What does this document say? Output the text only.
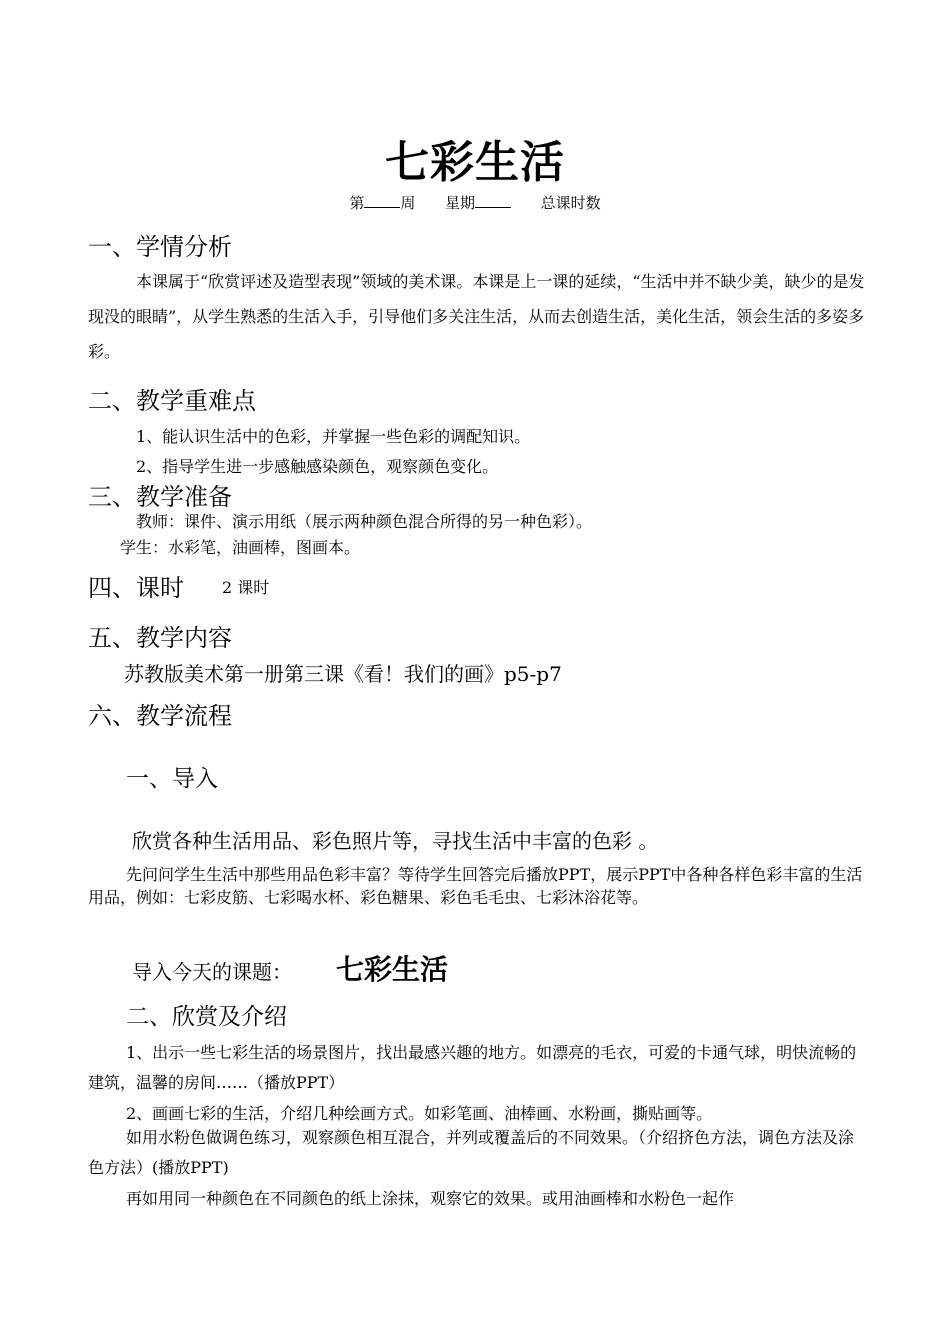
七彩生活
第 周 星期	总课时数
一、学情分析
本课属于“欣赏评述及造型表现”领域的美术课。本课是上一课的延续，“生活中并不缺少美，缺少的是发现没的眼睛”，从学生熟悉的生活入手，引导他们多关注生活，从而去创造生活，美化生活，领会生活的多姿多彩。
二、教学重难点
1、能认识生活中的色彩，并掌握一些色彩的调配知识。
2、指导学生进一步感触感染颜色，观察颜色变化。
三、教学准备
教师：课件、演示用纸（展示两种颜色混合所得的另一种色彩）。
学生：水彩笔，油画棒，图画本。
四、课时 2 课时
五、教学内容
苏教版美术第一册第三课《看！我们的画》p5-p7
六、教学流程
一、导入
欣赏各种生活用品、彩色照片等，寻找生活中丰富的色彩 。
先问问学生生活中那些用品色彩丰富？等待学生回答完后播放PPT，展示PPT中各种各样色彩丰富的生活用品，例如：七彩皮筋、七彩喝水杯、彩色糖果、彩色毛毛虫、七彩沐浴花等。
导入今天的课题： 七彩生活
二、欣赏及介绍
1、出示一些七彩生活的场景图片，找出最感兴趣的地方。如漂亮的毛衣，可爱的卡通气球，明快流畅的建筑，温馨的房间……（播放PPT）
2、画画七彩的生活，介绍几种绘画方式。如彩笔画、油棒画、水粉画，撕贴画等。
如用水粉色做调色练习，观察颜色相互混合，并列或覆盖后的不同效果。（介绍挤色方法，调色方法及涂色方法）(播放PPT)
再如用同一种颜色在不同颜色的纸上涂抹，观察它的效果。或用油画棒和水粉色一起作
